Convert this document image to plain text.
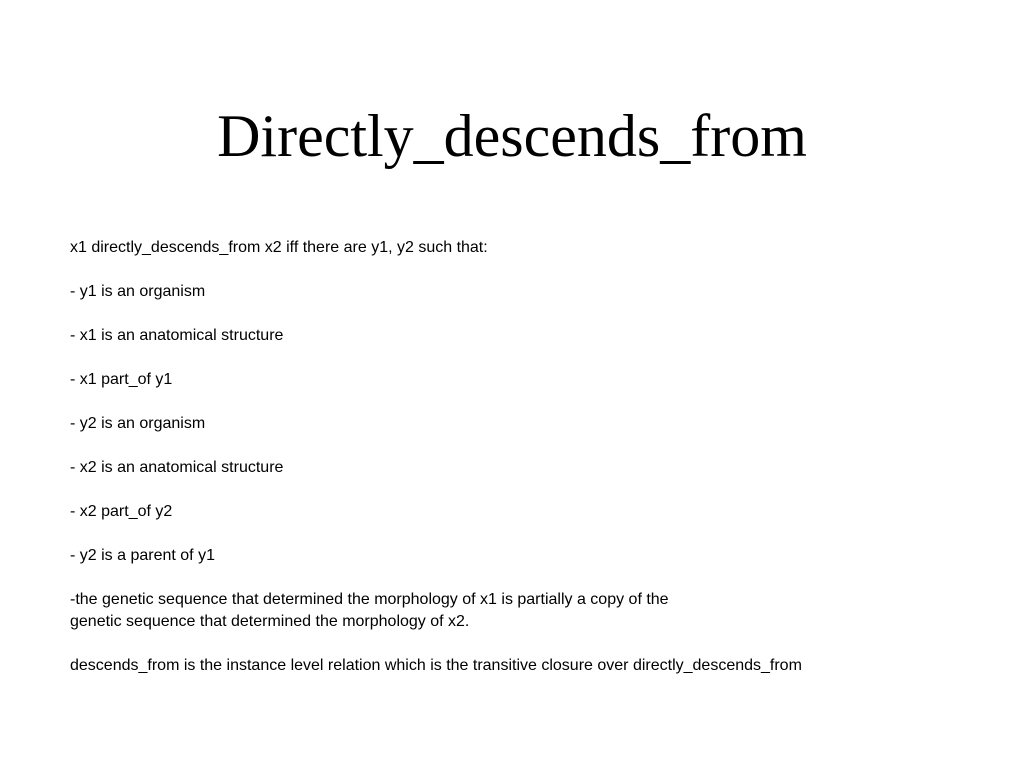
Directly_descends_from
x1 directly_descends_from x2 iff there are y1, y2 such that:
- y1 is an organism
- x1 is an anatomical structure
- x1 part_of y1
- y2 is an organism
- x2 is an anatomical structure
- x2 part_of y2
- y2 is a parent of y1
-the genetic sequence that determined the morphology of x1 is partially a copy of the
genetic sequence that determined the morphology of x2.
descends_from is the instance level relation which is the transitive closure over directly_descends_from
